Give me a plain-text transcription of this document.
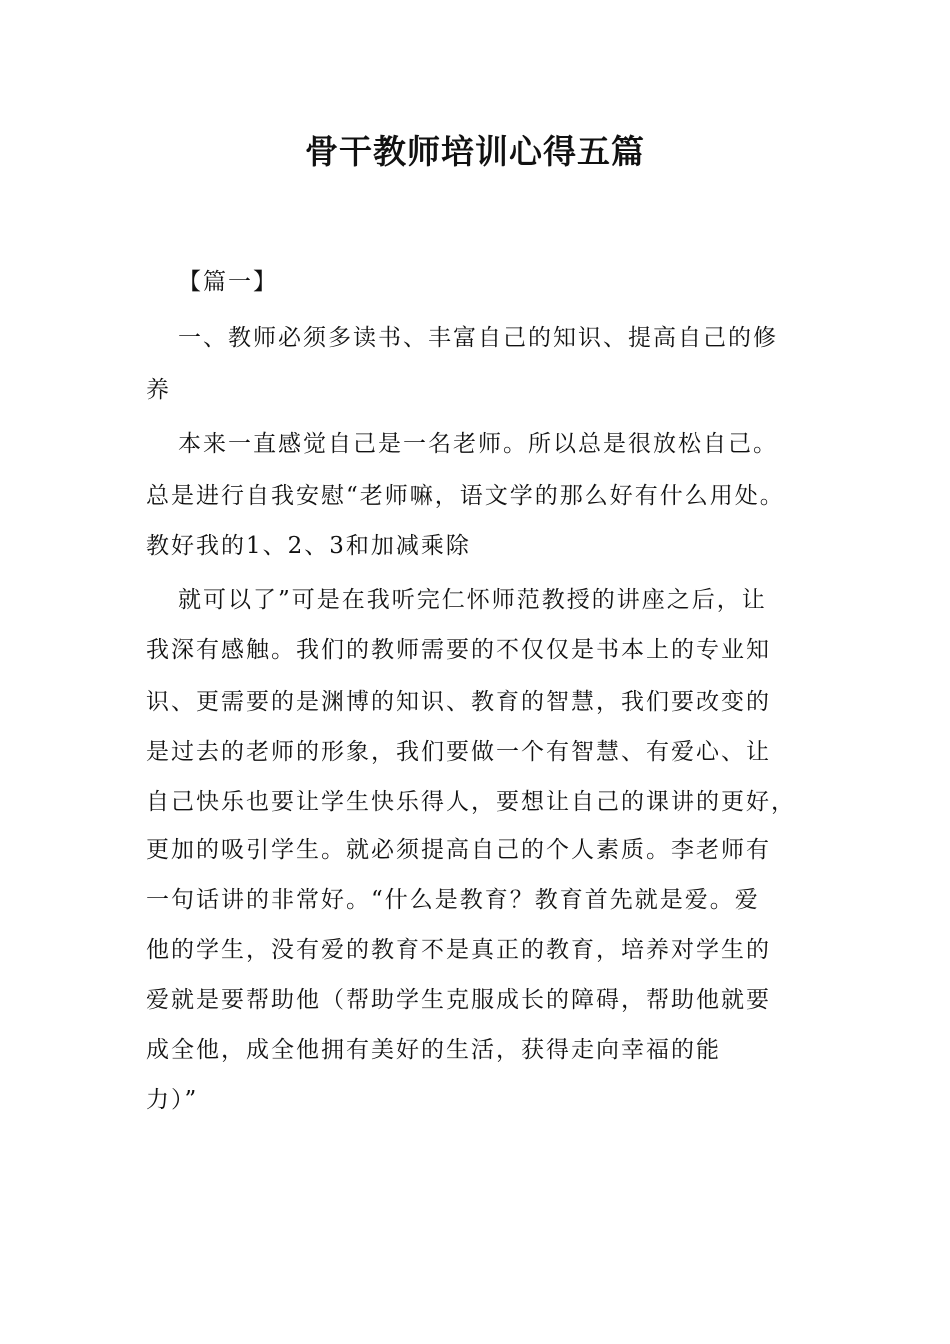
骨干教师培训心得五篇

【篇一】

一、教师必须多读书、丰富自己的知识、提高自己的修

养

本来一直感觉自己是一名老师。所以总是很放松自己。

总是进行自我安慰“老师嘛，语文学的那么好有什么用处。

教好我的1、2、3和加减乘除

就可以了”可是在我听完仁怀师范教授的讲座之后，让

我深有感触。我们的教师需要的不仅仅是书本上的专业知

识、更需要的是渊博的知识、教育的智慧，我们要改变的

是过去的老师的形象，我们要做一个有智慧、有爱心、让

自己快乐也要让学生快乐得人，要想让自己的课讲的更好，

更加的吸引学生。就必须提高自己的个人素质。李老师有

一句话讲的非常好。“什么是教育？教育首先就是爱。爱

他的学生，没有爱的教育不是真正的教育，培养对学生的

爱就是要帮助他（帮助学生克服成长的障碍，帮助他就要

成全他，成全他拥有美好的生活，获得走向幸福的能

力）”
